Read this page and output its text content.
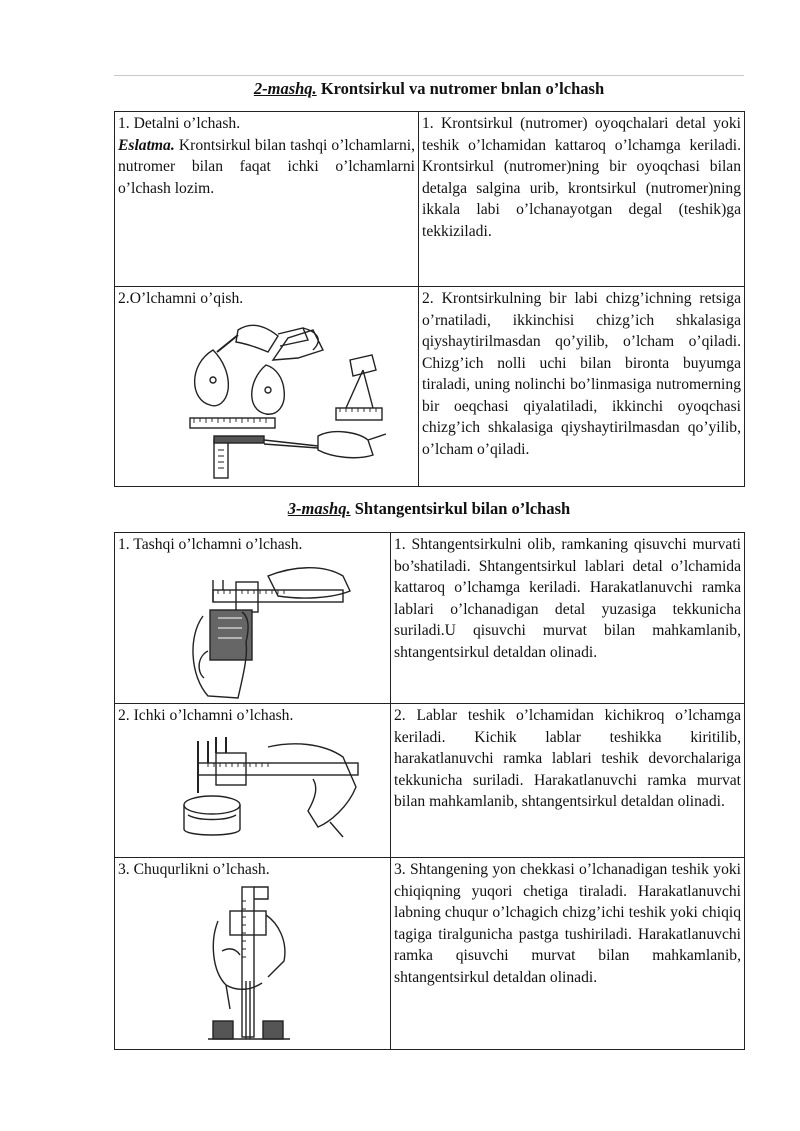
2-mashq. Krontsirkul va nutromer bnlan o’lchash
1. Detalni o’lchash.
Eslatma. Krontsirkul bilan tashqi o’lchamlarni, nutromer bilan faqat ichki o’lchamlarni o’lchash lozim.	1. Krontsirkul (nutromer) oyoqchalari detal yoki teshik o’lchamidan kattaroq o’lchamga keriladi. Krontsirkul (nutromer)ning bir oyoqchasi bilan detalga salgina urib, krontsirkul (nutromer)ning ikkala labi o’lchanayotgan degal (teshik)ga tekkiziladi.

2.O’lchamni o’qish.	2. Krontsirkulning bir labi chizg’ichning retsiga o’rnatiladi, ikkinchisi chizg’ich shkalasiga qiyshaytirilmasdan qo’yilib, o’lcham o’qiladi. Chizg’ich nolli uchi bilan bironta buyumga tiraladi, uning nolinchi bo’linmasiga nutromerning bir oeqchasi qiyalatiladi, ikkinchi oyoqchasi chizg’ich shkalasiga qiyshaytirilmasdan qo’yilib, o’lcham o’qiladi.
3-mashq. Shtangentsirkul bilan o’lchash
1. Tashqi o’lchamni o’lchash.	1. Shtangentsirkulni olib, ramkaning qisuvchi murvati bo’shatiladi. Shtangentsirkul lablari detal o’lchamida kattaroq o’lchamga keriladi. Harakatlanuvchi ramka lablari o’lchanadigan detal yuzasiga tekkunicha suriladi.U qisuvchi murvat bilan mahkamlanib, shtangentsirkul detaldan olinadi.

2. Ichki o’lchamni o’lchash.	2. Lablar teshik o’lchamidan kichikroq o’lchamga keriladi. Kichik lablar teshikka kiritilib, harakatlanuvchi ramka lablari teshik devorchalariga tekkunicha suriladi. Harakatlanuvchi ramka murvat bilan mahkamlanib, shtangentsirkul detaldan olinadi.

3. Chuqurlikni o’lchash.	3. Shtangening yon chekkasi o’lchanadigan teshik yoki chiqiqning yuqori chetiga tiraladi. Harakatlanuvchi labning chuqur o’lchagich chizg’ichi teshik yoki chiqiq tagiga tiralgunicha pastga tushiriladi. Harakatlanuvchi ramka qisuvchi murvat bilan mahkamlanib, shtangentsirkul detaldan olinadi.
